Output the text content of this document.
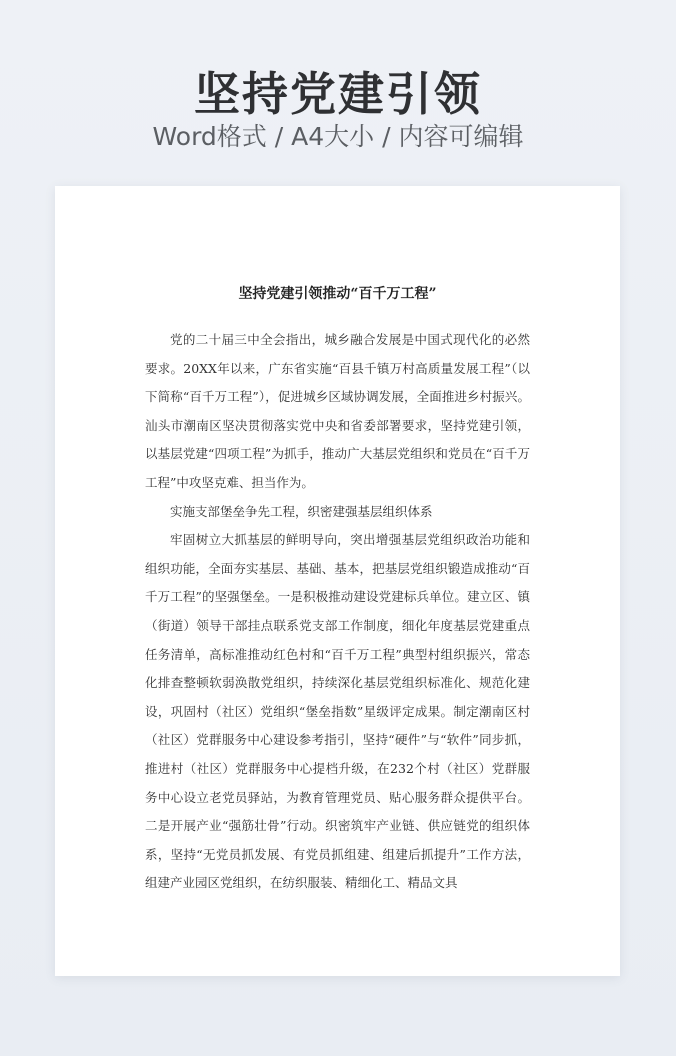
坚持党建引领
Word格式 / A4大小 / 内容可编辑
坚持党建引领推动“百千万工程”

党的二十届三中全会指出，城乡融合发展是中国式现代化的必然要求。20XX年以来，广东省实施“百县千镇万村高质量发展工程”（以下简称“百千万工程”），促进城乡区域协调发展，全面推进乡村振兴。汕头市潮南区坚决贯彻落实党中央和省委部署要求，坚持党建引领，以基层党建“四项工程”为抓手，推动广大基层党组织和党员在“百千万工程”中攻坚克难、担当作为。

实施支部堡垒争先工程，织密建强基层组织体系

牢固树立大抓基层的鲜明导向，突出增强基层党组织政治功能和组织功能，全面夯实基层、基础、基本，把基层党组织锻造成推动“百千万工程”的坚强堡垒。一是积极推动建设党建标兵单位。建立区、镇（街道）领导干部挂点联系党支部工作制度，细化年度基层党建重点任务清单，高标准推动红色村和“百千万工程”典型村组织振兴，常态化排查整顿软弱涣散党组织，持续深化基层党组织标准化、规范化建设，巩固村（社区）党组织“堡垒指数”星级评定成果。制定潮南区村（社区）党群服务中心建设参考指引，坚持“硬件”与“软件”同步抓，推进村（社区）党群服务中心提档升级，在232个村（社区）党群服务中心设立老党员驿站，为教育管理党员、贴心服务群众提供平台。二是开展产业“强筋壮骨”行动。织密筑牢产业链、供应链党的组织体系，坚持“无党员抓发展、有党员抓组建、组建后抓提升”工作方法，组建产业园区党组织，在纺织服装、精细化工、精品文具
